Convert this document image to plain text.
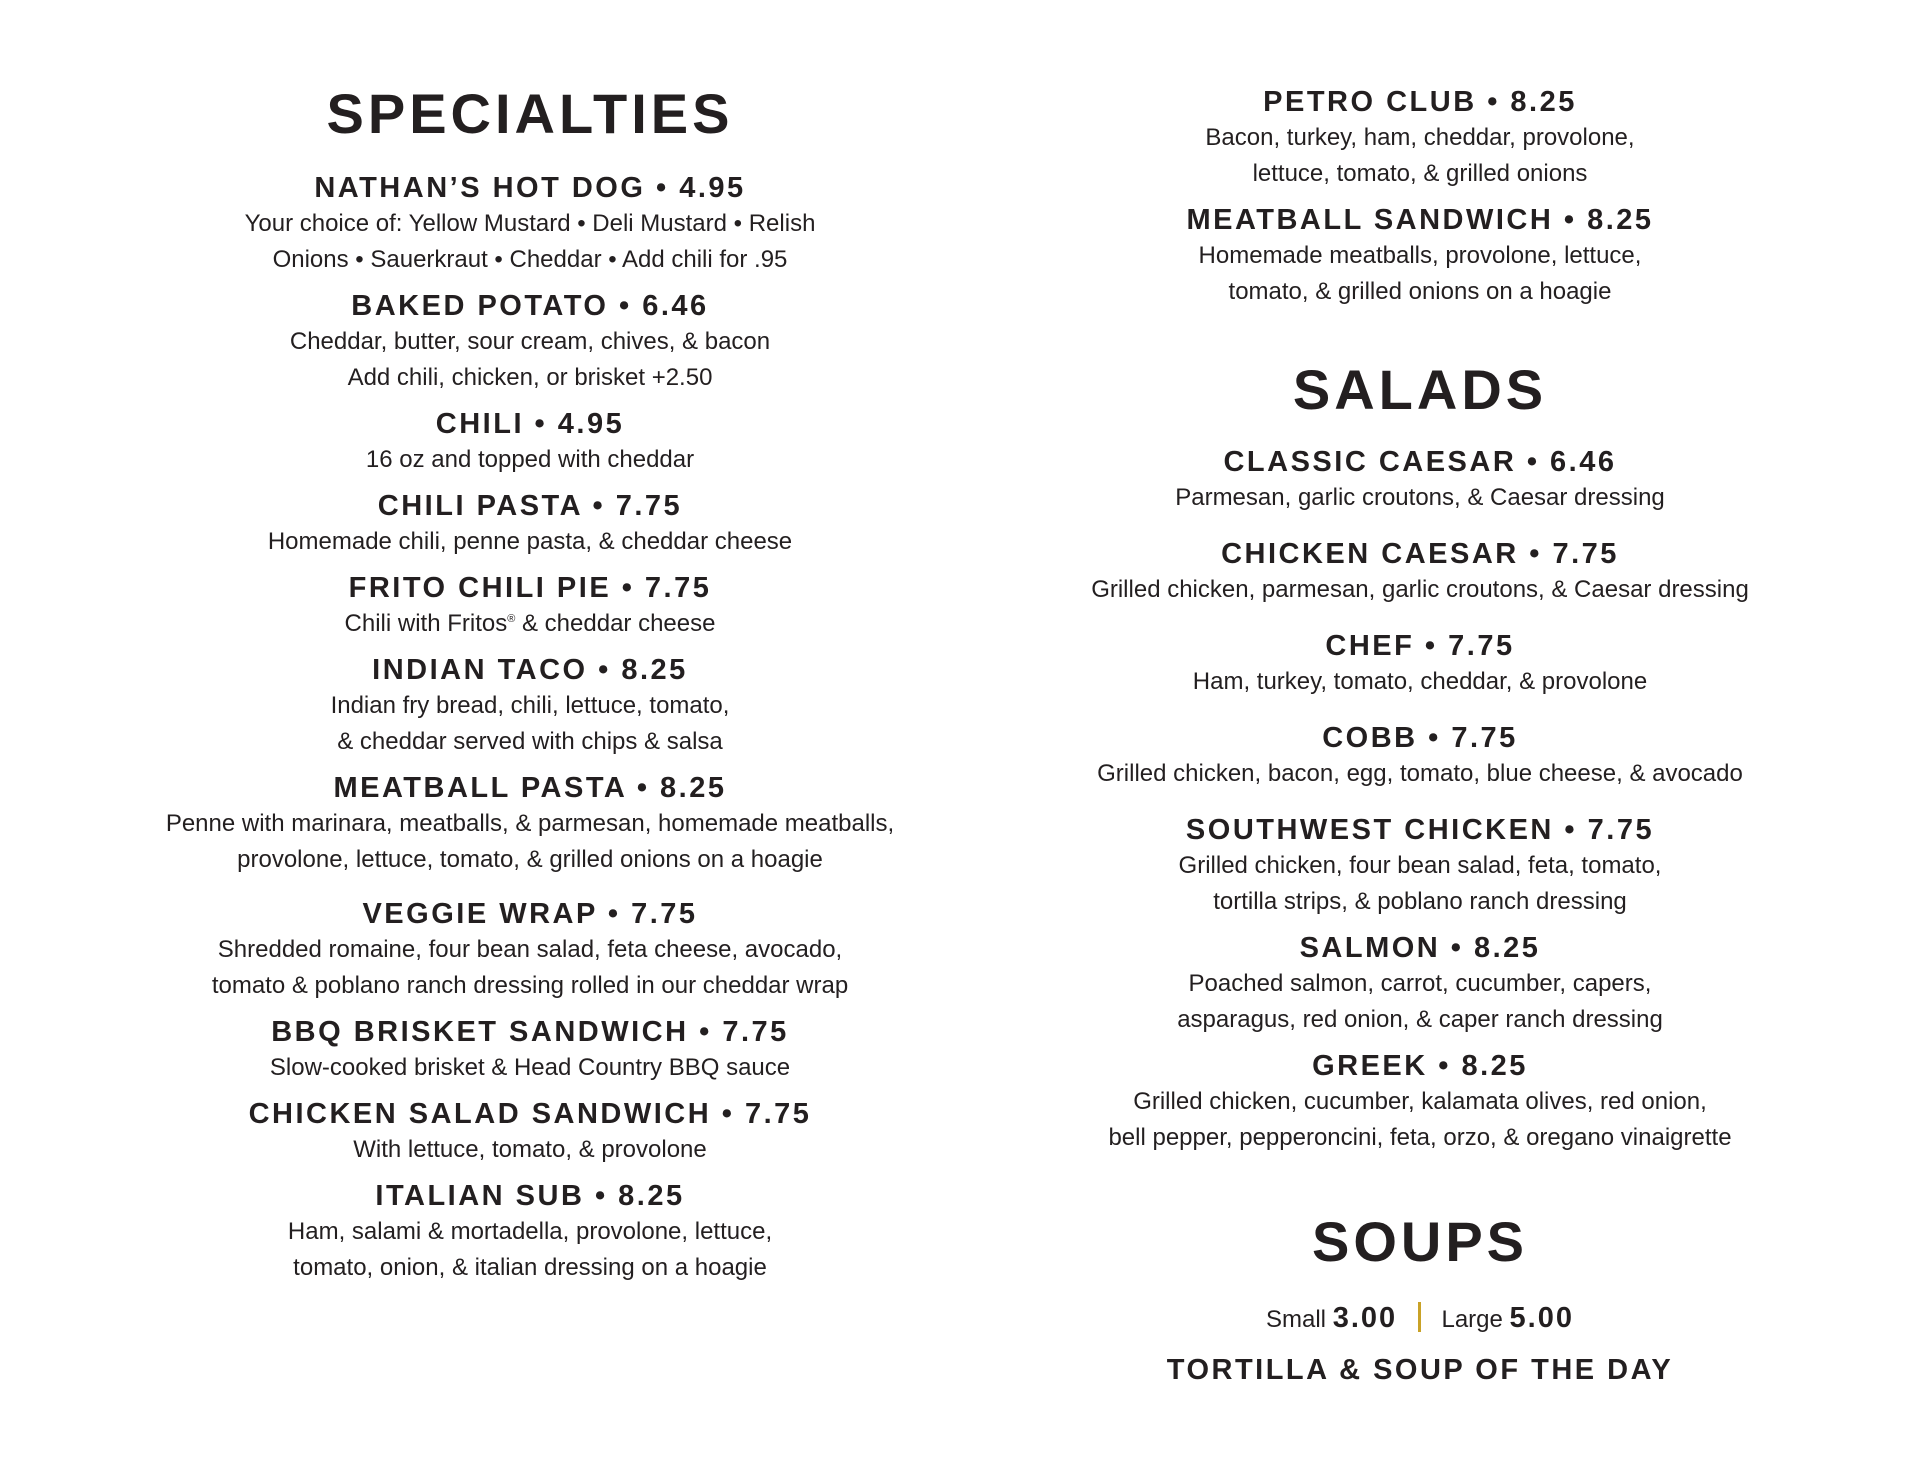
SPECIALTIES
NATHAN’S HOT DOG • 4.95
Your choice of: Yellow Mustard • Deli Mustard • Relish
Onions • Sauerkraut • Cheddar • Add chili for .95
BAKED POTATO • 6.46
Cheddar, butter, sour cream, chives, & bacon
Add chili, chicken, or brisket +2.50
CHILI • 4.95
16 oz and topped with cheddar
CHILI PASTA • 7.75
Homemade chili, penne pasta, & cheddar cheese
FRITO CHILI PIE • 7.75
Chili with Fritos® & cheddar cheese
INDIAN TACO • 8.25
Indian fry bread, chili, lettuce, tomato,
& cheddar served with chips & salsa
MEATBALL PASTA • 8.25
Penne with marinara, meatballs, & parmesan, homemade meatballs,
provolone, lettuce, tomato, & grilled onions on a hoagie
VEGGIE WRAP • 7.75
Shredded romaine, four bean salad, feta cheese, avocado,
tomato & poblano ranch dressing rolled in our cheddar wrap
BBQ BRISKET SANDWICH • 7.75
Slow-cooked brisket & Head Country BBQ sauce
CHICKEN SALAD SANDWICH • 7.75
With lettuce, tomato, & provolone
ITALIAN SUB • 8.25
Ham, salami & mortadella, provolone, lettuce,
tomato, onion, & italian dressing on a hoagie
PETRO CLUB • 8.25
Bacon, turkey, ham, cheddar, provolone,
lettuce, tomato, & grilled onions
MEATBALL SANDWICH • 8.25
Homemade meatballs, provolone, lettuce,
tomato, & grilled onions on a hoagie
SALADS
CLASSIC CAESAR • 6.46
Parmesan, garlic croutons, & Caesar dressing
CHICKEN CAESAR • 7.75
Grilled chicken, parmesan, garlic croutons, & Caesar dressing
CHEF • 7.75
Ham, turkey, tomato, cheddar, & provolone
COBB • 7.75
Grilled chicken, bacon, egg, tomato, blue cheese, & avocado
SOUTHWEST CHICKEN • 7.75
Grilled chicken, four bean salad, feta, tomato,
tortilla strips, & poblano ranch dressing
SALMON • 8.25
Poached salmon, carrot, cucumber, capers,
asparagus, red onion, & caper ranch dressing
GREEK • 8.25
Grilled chicken, cucumber, kalamata olives, red onion,
bell pepper, pepperoncini, feta, orzo, & oregano vinaigrette
SOUPS
Small 3.00 Large 5.00
TORTILLA & SOUP OF THE DAY
